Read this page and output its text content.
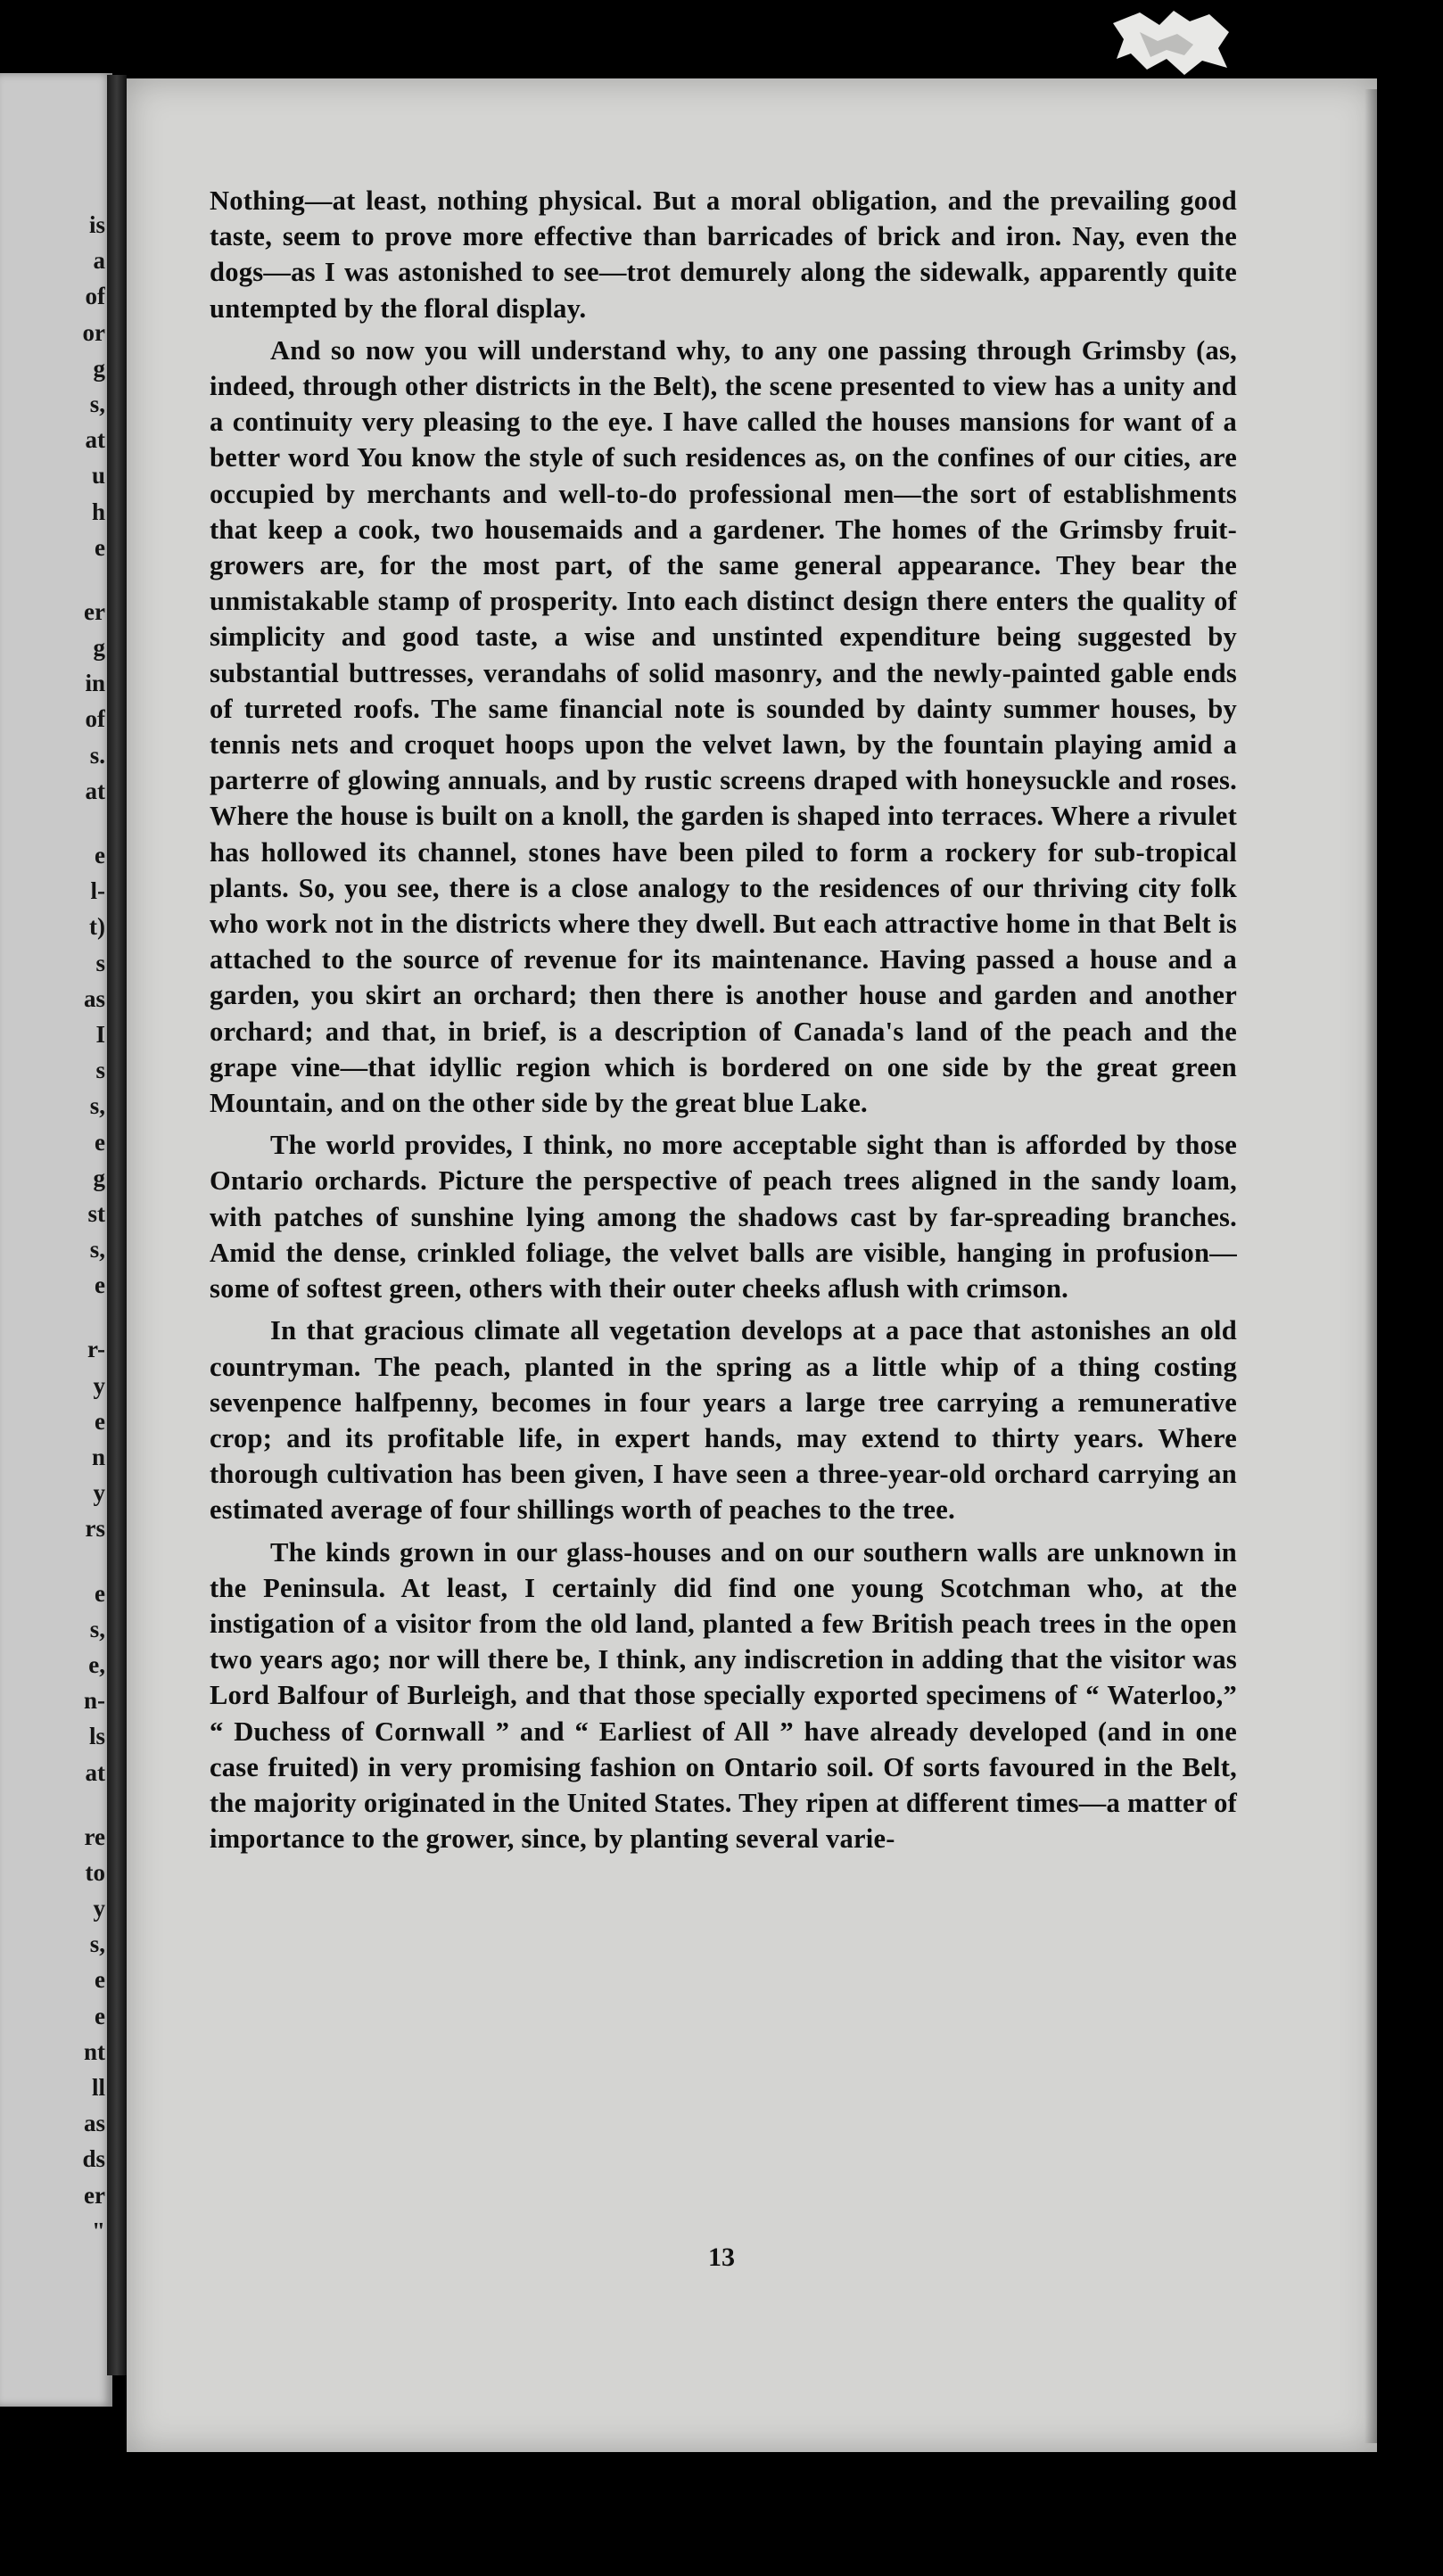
is
a
of
or
g
s,
at
u
h
e
er
g
in
of
s.
at
e
l-
t)
s
as
I
s
s,
e
g
st
s,
e
r-
y
e
n
y
rs
e
s,
e,
n-
ls
at
re
to
y
s,
e
e
nt
ll
as
ds
er
"

Nothing—at least, nothing physical. But a moral obligation, and the prevailing good taste, seem to prove more effective than barricades of brick and iron. Nay, even the dogs—as I was astonished to see—trot demurely along the sidewalk, apparently quite untempted by the floral display.

And so now you will understand why, to any one passing through Grimsby (as, indeed, through other districts in the Belt), the scene presented to view has a unity and a continuity very pleasing to the eye. I have called the houses mansions for want of a better word You know the style of such residences as, on the confines of our cities, are occupied by merchants and well-to-do professional men—the sort of establishments that keep a cook, two housemaids and a gardener. The homes of the Grimsby fruit-growers are, for the most part, of the same general appearance. They bear the unmistakable stamp of prosperity. Into each distinct design there enters the quality of simplicity and good taste, a wise and unstinted expenditure being suggested by substantial buttresses, verandahs of solid masonry, and the newly-painted gable ends of turreted roofs. The same financial note is sounded by dainty summer houses, by tennis nets and croquet hoops upon the velvet lawn, by the fountain playing amid a parterre of glowing annuals, and by rustic screens draped with honeysuckle and roses. Where the house is built on a knoll, the garden is shaped into terraces. Where a rivulet has hollowed its channel, stones have been piled to form a rockery for sub-tropical plants. So, you see, there is a close analogy to the residences of our thriving city folk who work not in the districts where they dwell. But each attractive home in that Belt is attached to the source of revenue for its maintenance. Having passed a house and a garden, you skirt an orchard; then there is another house and garden and another orchard; and that, in brief, is a description of Canada's land of the peach and the grape vine—that idyllic region which is bordered on one side by the great green Mountain, and on the other side by the great blue Lake.

The world provides, I think, no more acceptable sight than is afforded by those Ontario orchards. Picture the perspective of peach trees aligned in the sandy loam, with patches of sunshine lying among the shadows cast by far-spreading branches. Amid the dense, crinkled foliage, the velvet balls are visible, hanging in profusion—some of softest green, others with their outer cheeks aflush with crimson.

In that gracious climate all vegetation develops at a pace that astonishes an old countryman. The peach, planted in the spring as a little whip of a thing costing sevenpence halfpenny, becomes in four years a large tree carrying a remunerative crop; and its profitable life, in expert hands, may extend to thirty years. Where thorough cultivation has been given, I have seen a three-year-old orchard carrying an estimated average of four shillings worth of peaches to the tree.

The kinds grown in our glass-houses and on our southern walls are unknown in the Peninsula. At least, I certainly did find one young Scotchman who, at the instigation of a visitor from the old land, planted a few British peach trees in the open two years ago; nor will there be, I think, any indiscretion in adding that the visitor was Lord Balfour of Burleigh, and that those specially exported specimens of “ Waterloo,” “ Duchess of Cornwall ” and “ Earliest of All ” have already developed (and in one case fruited) in very promising fashion on Ontario soil. Of sorts favoured in the Belt, the majority originated in the United States. They ripen at different times—a matter of importance to the grower, since, by planting several varie-

13
